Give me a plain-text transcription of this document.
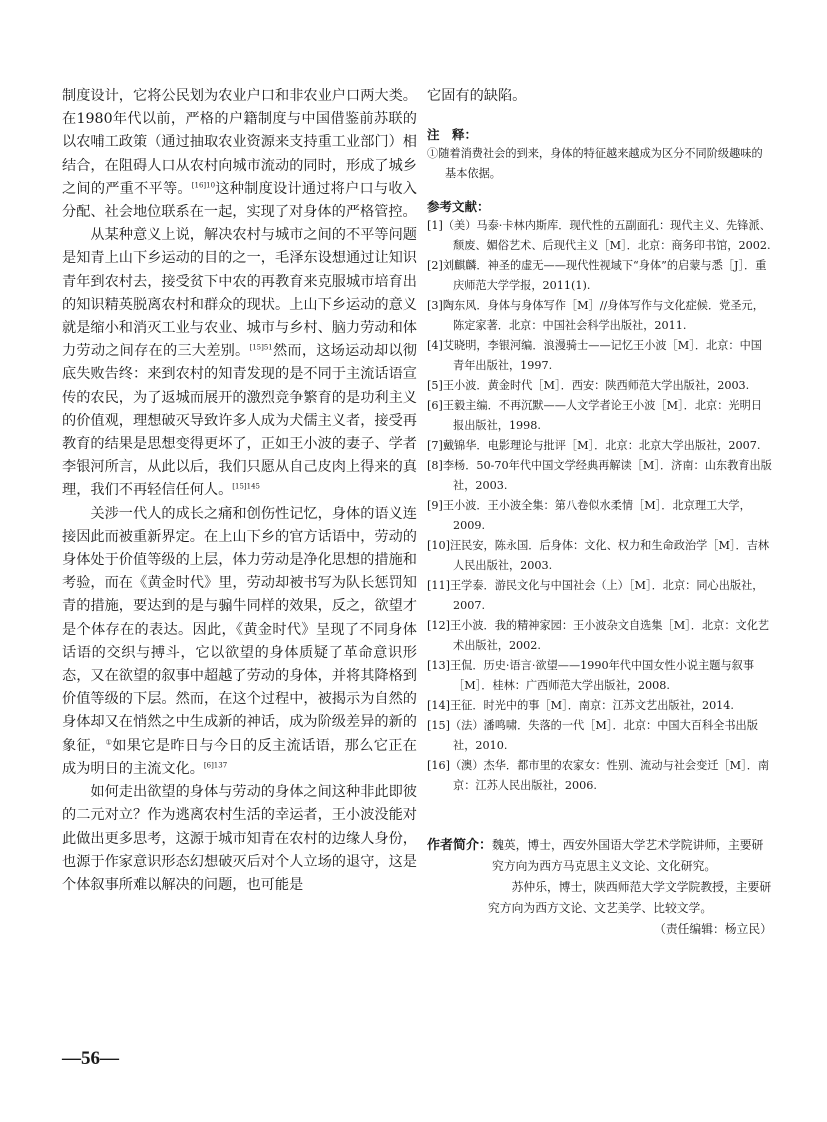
制度设计，它将公民划为农业户口和非农业户口两大类。在1980年代以前，严格的户籍制度与中国借鉴前苏联的以农哺工政策（通过抽取农业资源来支持重工业部门）相结合，在阻碍人口从农村向城市流动的同时，形成了城乡之间的严重不平等。$^{[16]10}$这种制度设计通过将户口与收入分配、社会地位联系在一起，实现了对身体的严格管控。

从某种意义上说，解决农村与城市之间的不平等问题是知青上山下乡运动的目的之一，毛泽东设想通过让知识青年到农村去，接受贫下中农的再教育来克服城市培育出的知识精英脱离农村和群众的现状。上山下乡运动的意义就是缩小和消灭工业与农业、城市与乡村、脑力劳动和体力劳动之间存在的三大差别。$^{[15]51}$然而，这场运动却以彻底失败告终：来到农村的知青发现的是不同于主流话语宣传的农民，为了返城而展开的激烈竞争繁育的是功利主义的价值观，理想破灭导致许多人成为犬儒主义者，接受再教育的结果是思想变得更坏了，正如王小波的妻子、学者李银河所言，从此以后，我们只愿从自己皮肉上得来的真理，我们不再轻信任何人。$^{[15]145}$

关涉一代人的成长之痛和创伤性记忆，身体的语义连接因此而被重新界定。在上山下乡的官方话语中，劳动的身体处于价值等级的上层，体力劳动是净化思想的措施和考验，而在《黄金时代》里，劳动却被书写为队长惩罚知青的措施，要达到的是与骟牛同样的效果，反之，欲望才是个体存在的表达。因此，《黄金时代》呈现了不同身体话语的交织与搏斗，它以欲望的身体质疑了革命意识形态，又在欲望的叙事中超越了劳动的身体，并将其降格到价值等级的下层。然而，在这个过程中，被揭示为自然的身体却又在悄然之中生成新的神话，成为阶级差异的新的象征，①如果它是昨日与今日的反主流话语，那么它正在成为明日的主流文化。$^{[6]137}$

如何走出欲望的身体与劳动的身体之间这种非此即彼的二元对立？作为逃离农村生活的幸运者，王小波没能对此做出更多思考，这源于城市知青在农村的边缘人身份，也源于作家意识形态幻想破灭后对个人立场的退守，这是个体叙事所难以解决的问题，也可能是

它固有的缺陷。

注　释：

①随着消费社会的到来，身体的特征越来越成为区分不同阶级趣味的基本依据。

参考文献：

[1]（美）马泰·卡林内斯库．现代性的五副面孔：现代主义、先锋派、颓废、媚俗艺术、后现代主义［M］．北京：商务印书馆，2002.
[2]刘麒麟．神圣的虚无——现代性视域下“身体”的启蒙与悉［J］．重庆师范大学学报，2011(1).
[3]陶东风．身体与身体写作［M］//身体写作与文化症候．党圣元，陈定家著．北京：中国社会科学出版社，2011.
[4]艾晓明，李银河编．浪漫骑士——记忆王小波［M］．北京：中国青年出版社，1997.
[5]王小波．黄金时代［M］．西安：陕西师范大学出版社，2003.
[6]王毅主编．不再沉默——人文学者论王小波［M］．北京：光明日报出版社，1998.
[7]戴锦华．电影理论与批评［M］．北京：北京大学出版社，2007.
[8]李杨．50-70年代中国文学经典再解读［M］．济南：山东教育出版社，2003.
[9]王小波．王小波全集：第八卷似水柔情［M］．北京理工大学，2009.
[10]汪民安，陈永国．后身体：文化、权力和生命政治学［M］．吉林人民出版社，2003.
[11]王学泰．游民文化与中国社会（上）［M］．北京：同心出版社，2007.
[12]王小波．我的精神家园：王小波杂文自选集［M］．北京：文化艺术出版社，2002.
[13]王侃．历史·语言·欲望——1990年代中国女性小说主题与叙事［M］．桂林：广西师范大学出版社，2008.
[14]王征．时光中的事［M］．南京：江苏文艺出版社，2014.
[15]（法）潘鸣啸．失落的一代［M］．北京：中国大百科全书出版社，2010.
[16]（澳）杰华．都市里的农家女：性别、流动与社会变迁［M］．南京：江苏人民出版社，2006.
作者简介： 魏英，博士，西安外国语大学艺术学院讲师，主要研究方向为西方马克思主义文论、文化研究。

苏仲乐，博士，陕西师范大学文学院教授，主要研究方向为西方文论、文艺美学、比较文学。

（责任编辑：杨立民）

—56—
